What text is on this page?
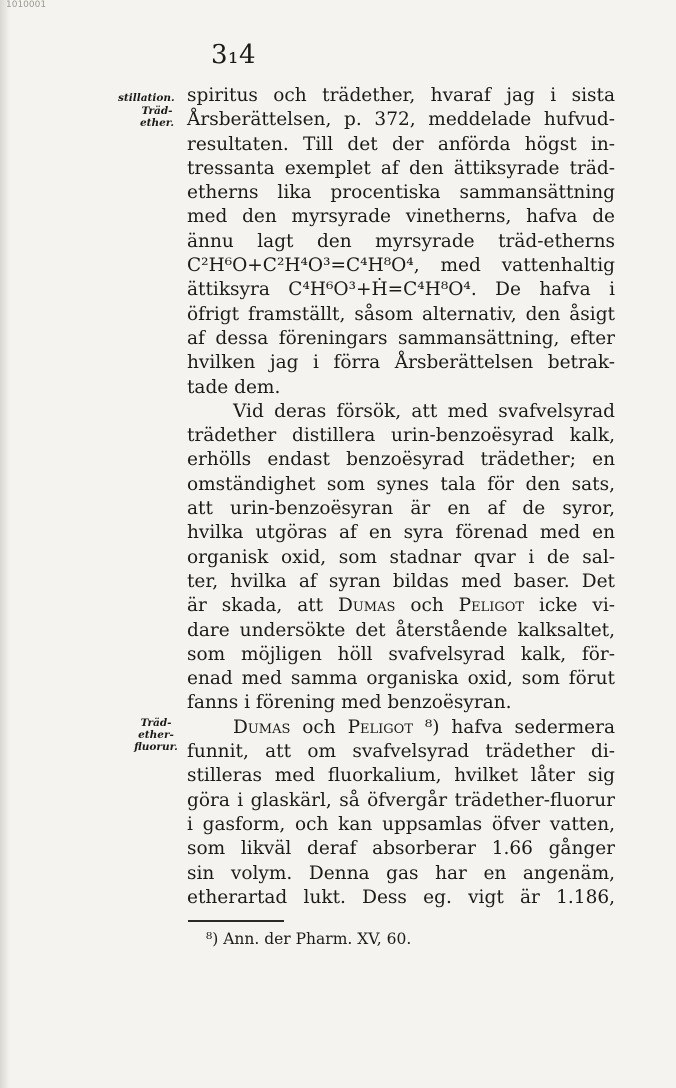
1010001
3₁4
stillation.
Träd-
ether.
Träd-
ether-
fluorur.
spiritus och trädether, hvaraf jag i sista
Årsberättelsen, p. 372, meddelade hufvud-
resultaten. Till det der anförda högst in-
tressanta exemplet af den ättiksyrade träd-
etherns lika procentiska sammansättning
med den myrsyrade vinetherns, hafva de
ännu lagt den myrsyrade träd-etherns
C²H⁶O+C²H⁴O³=C⁴H⁸O⁴, med vattenhaltig
ättiksyra C⁴H⁶O³+Ḣ=C⁴H⁸O⁴. De hafva i
öfrigt framställt, såsom alternativ, den åsigt
af dessa föreningars sammansättning, efter
hvilken jag i förra Årsberättelsen betrak-
tade dem.
Vid deras försök, att med svafvelsyrad
trädether distillera urin-benzoësyrad kalk,
erhölls endast benzoësyrad trädether; en
omständighet som synes tala för den sats,
att urin-benzoësyran är en af de syror,
hvilka utgöras af en syra förenad med en
organisk oxid, som stadnar qvar i de sal-
ter, hvilka af syran bildas med baser. Det
är skada, att Dumas och Peligot icke vi-
dare undersökte det återstående kalksaltet,
som möjligen höll svafvelsyrad kalk, för-
enad med samma organiska oxid, som förut
fanns i förening med benzoësyran.
Dumas och Peligot ⁸) hafva sedermera
funnit, att om svafvelsyrad trädether di-
stilleras med fluorkalium, hvilket låter sig
göra i glaskärl, så öfvergår trädether-fluorur
i gasform, och kan uppsamlas öfver vatten,
som likväl deraf absorberar 1.66 gånger
sin volym. Denna gas har en angenäm,
etherartad lukt. Dess eg. vigt är 1.186,
⁸) Ann. der Pharm. XV, 60.
